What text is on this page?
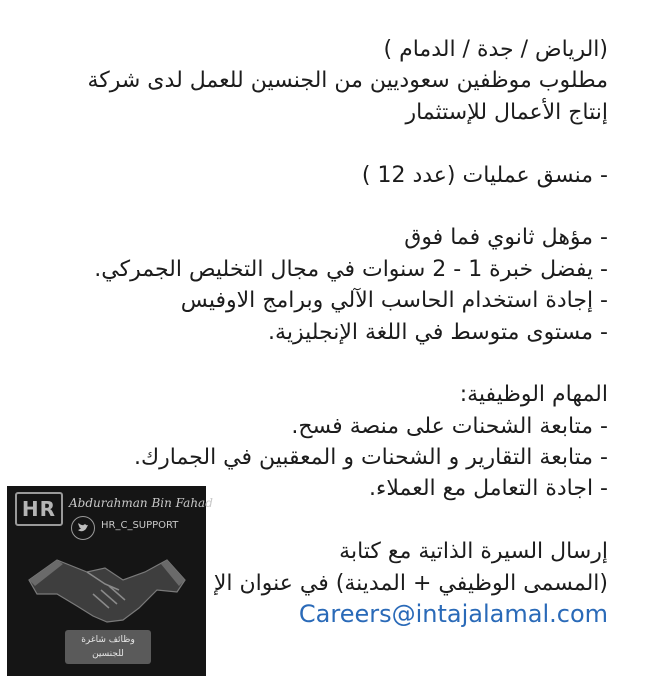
(الرياض / جدة / الدمام )
مطلوب موظفين سعوديين من الجنسين للعمل لدى شركة
إنتاج الأعمال للإستثمار
- منسق عمليات (عدد 12 )
- مؤهل ثانوي فما فوق
- يفضل خبرة 1 - 2 سنوات في مجال التخليص الجمركي.
- إجادة استخدام الحاسب الآلي وبرامج الاوفيس
- مستوى متوسط في اللغة الإنجليزية.
المهام الوظيفية:
- متابعة الشحنات على منصة فسح.
- متابعة التقارير و الشحنات و المعقبين في الجمارك.
- اجادة التعامل مع العملاء.
إرسال السيرة الذاتية مع كتابة
(المسمى الوظيفي + المدينة) في عنوان الإ
Careers@intajalamal.com
HR	Abdurahman Bin Fahad
HR_C_SUPPORT
وظائف شاغرة
للجنسين
